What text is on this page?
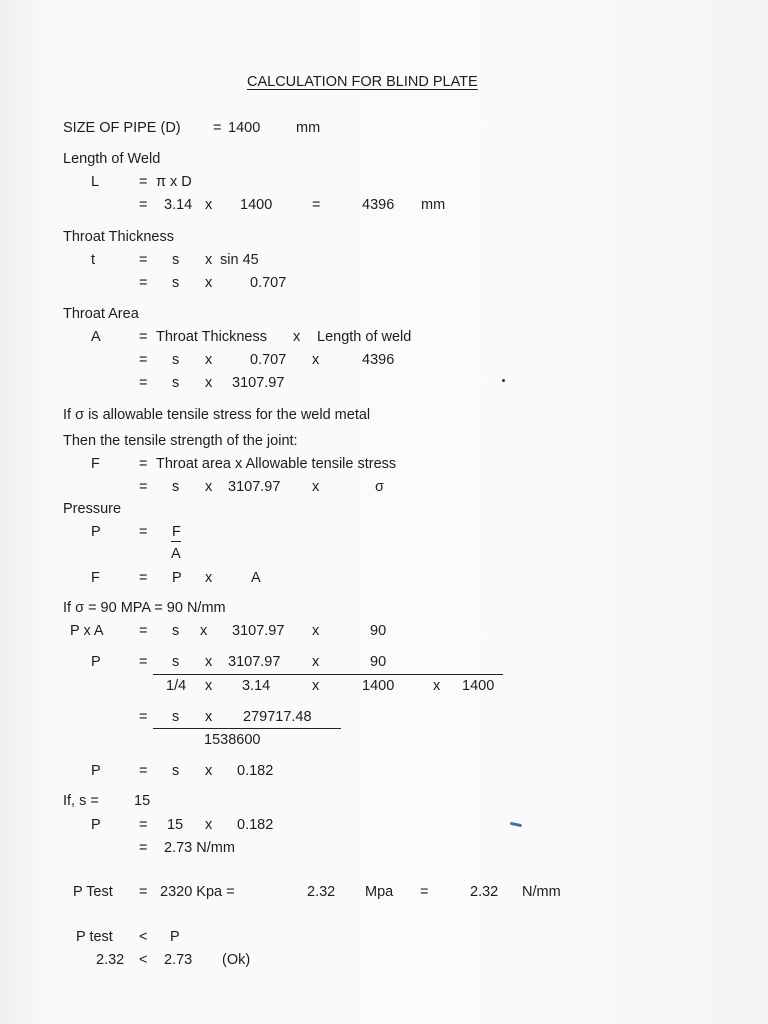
CALCULATION FOR BLIND PLATE
SIZE OF PIPE (D) = 1400 mm
Length of Weld
L	= π x D
= 3.14 x 1400	=	4396 mm
Throat Thickness
t	= s x sin 45
= s x	0.707
Throat Area
A	= Throat Thickness x Length of weld
= s x	0.707 x	4396
= s x 3107.97
If σ is allowable tensile stress for the weld metal
Then the tensile strength of the joint:
F	= Throat area x Allowable tensile stress
= s x 3107.97 x	σ
Pressure
P	= F
A
F	= P x	A
If σ = 90 MPA = 90 N/mm
P x A = s x 3107.97 x	90
P	= s x 3107.97 x	90
1/4 x 3.14	x	1400	x 1400
= s x 279717.48
1538600
P	= s x 0.182
If, s = 15
P	= 15 x 0.182
= 2.73 N/mm
P Test = 2320 Kpa =	2.32 Mpa =	2.32 N/mm
P test < P
2.32 < 2.73 (Ok)
